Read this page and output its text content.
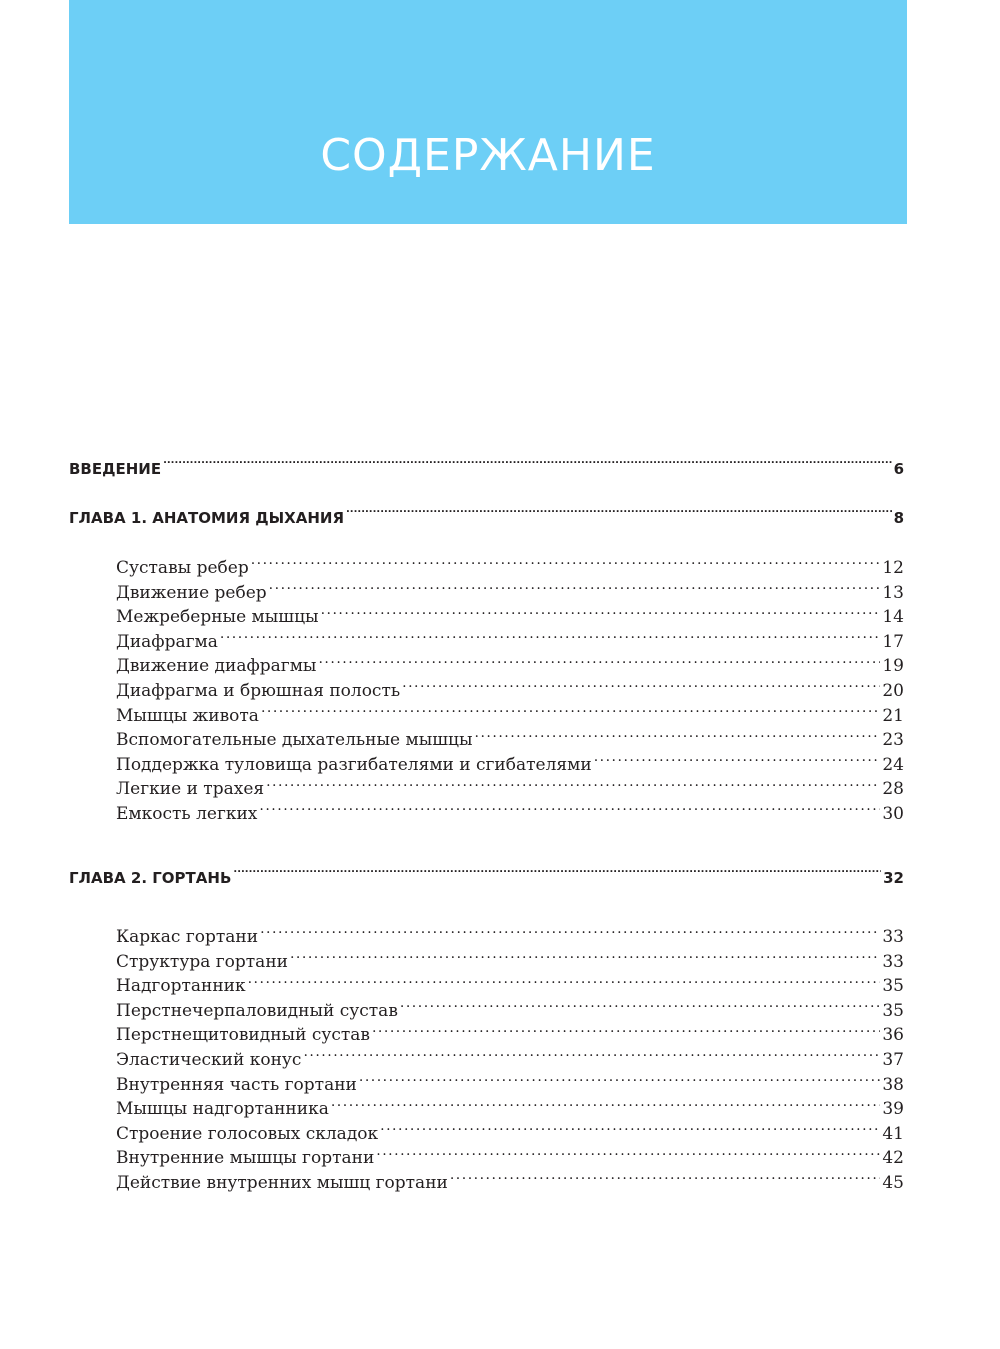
СОДЕРЖАНИЕ
ВВЕДЕНИЕ .....	6
ГЛАВА 1. АНАТОМИЯ ДЫХАНИЯ .....	8
Суставы ребер .....	12
Движение ребер .....	13
Межреберные мышцы .....	14
Диафрагма .....	17
Движение диафрагмы .....	19
Диафрагма и брюшная полость .....	20
Мышцы живота .....	21
Вспомогательные дыхательные мышцы .....	23
Поддержка туловища разгибателями и сгибателями .....	24
Легкие и трахея .....	28
Емкость легких .....	30
ГЛАВА 2. ГОРТАНЬ .....	32
Каркас гортани .....	33
Структура гортани .....	33
Надгортанник .....	35
Перстнечерпаловидный сустав .....	35
Перстнещитовидный сустав .....	36
Эластический конус .....	37
Внутренняя часть гортани .....	38
Мышцы надгортанника .....	39
Строение голосовых складок .....	41
Внутренние мышцы гортани .....	42
Действие внутренних мышц гортани .....	45
